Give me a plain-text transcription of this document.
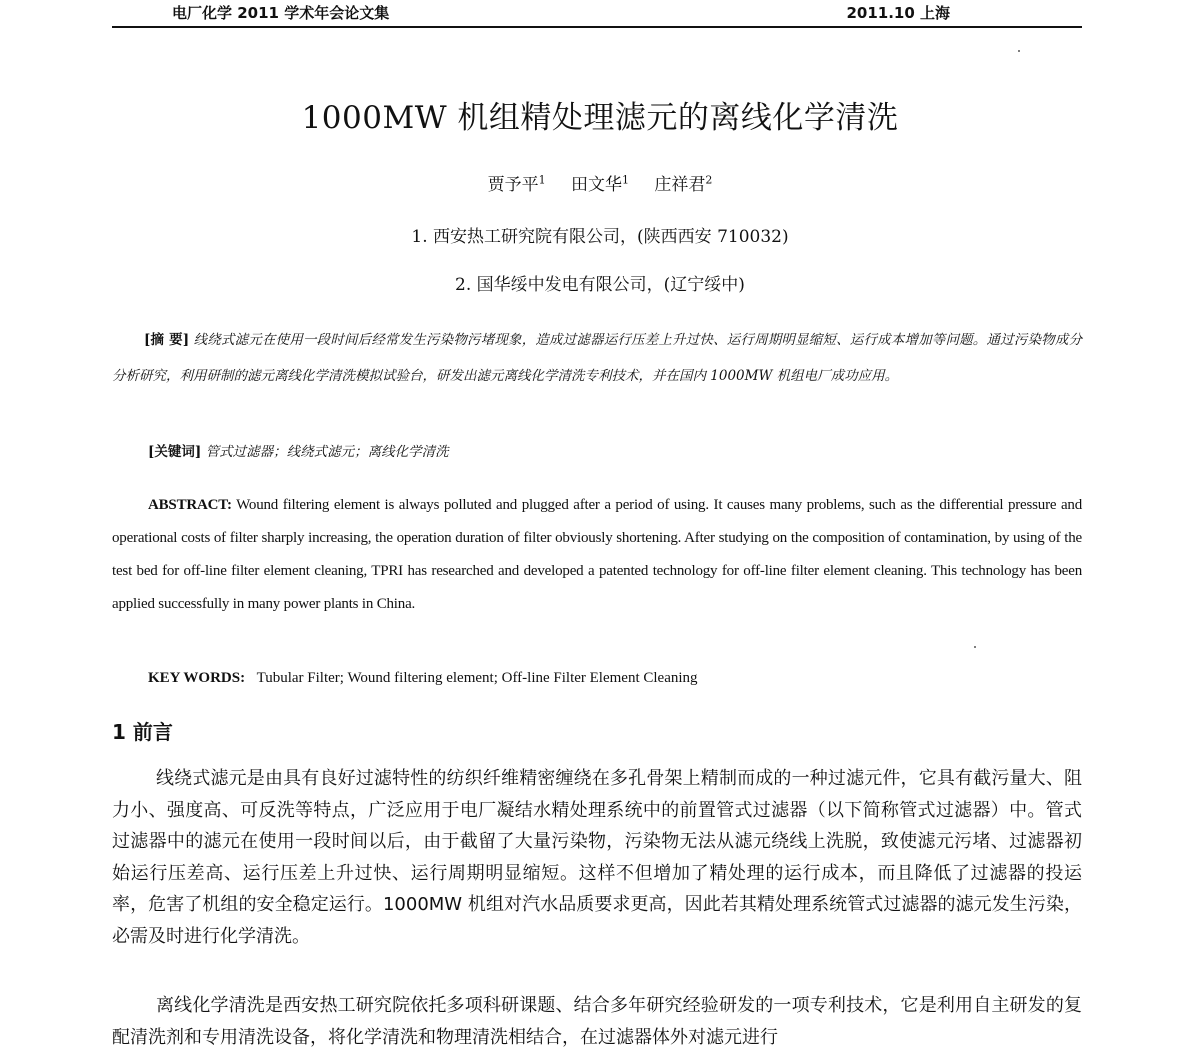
电厂化学 2011 学术年会论文集	2011.10 上海
1000MW 机组精处理滤元的离线化学清洗
贾予平$^1$ 田文华$^1$ 庄祥君$^2$
1. 西安热工研究院有限公司，(陕西西安 710032)
2. 国华绥中发电有限公司，(辽宁绥中)
[摘 要] 线绕式滤元在使用一段时间后经常发生污染物污堵现象，造成过滤器运行压差上升过快、运行周期明显缩短、运行成本增加等问题。通过污染物成分分析研究，利用研制的滤元离线化学清洗模拟试验台，研发出滤元离线化学清洗专利技术，并在国内 1000MW 机组电厂成功应用。
[关键词] 管式过滤器；线绕式滤元；离线化学清洗
ABSTRACT: Wound filtering element is always polluted and plugged after a period of using. It causes many problems, such as the differential pressure and operational costs of filter sharply increasing, the operation duration of filter obviously shortening. After studying on the composition of contamination, by using of the test bed for off-line filter element cleaning, TPRI has researched and developed a patented technology for off-line filter element cleaning. This technology has been applied successfully in many power plants in China.
KEY WORDS: Tubular Filter; Wound filtering element; Off-line Filter Element Cleaning
1 前言

线绕式滤元是由具有良好过滤特性的纺织纤维精密缠绕在多孔骨架上精制而成的一种过滤元件，它具有截污量大、阻力小、强度高、可反洗等特点，广泛应用于电厂凝结水精处理系统中的前置管式过滤器（以下简称管式过滤器）中。管式过滤器中的滤元在使用一段时间以后，由于截留了大量污染物，污染物无法从滤元绕线上洗脱，致使滤元污堵、过滤器初始运行压差高、运行压差上升过快、运行周期明显缩短。这样不但增加了精处理的运行成本，而且降低了过滤器的投运率，危害了机组的安全稳定运行。1000MW 机组对汽水品质要求更高，因此若其精处理系统管式过滤器的滤元发生污染，必需及时进行化学清洗。

离线化学清洗是西安热工研究院依托多项科研课题、结合多年研究经验研发的一项专利技术，它是利用自主研发的复配清洗剂和专用清洗设备，将化学清洗和物理清洗相结合，在过滤器体外对滤元进行
